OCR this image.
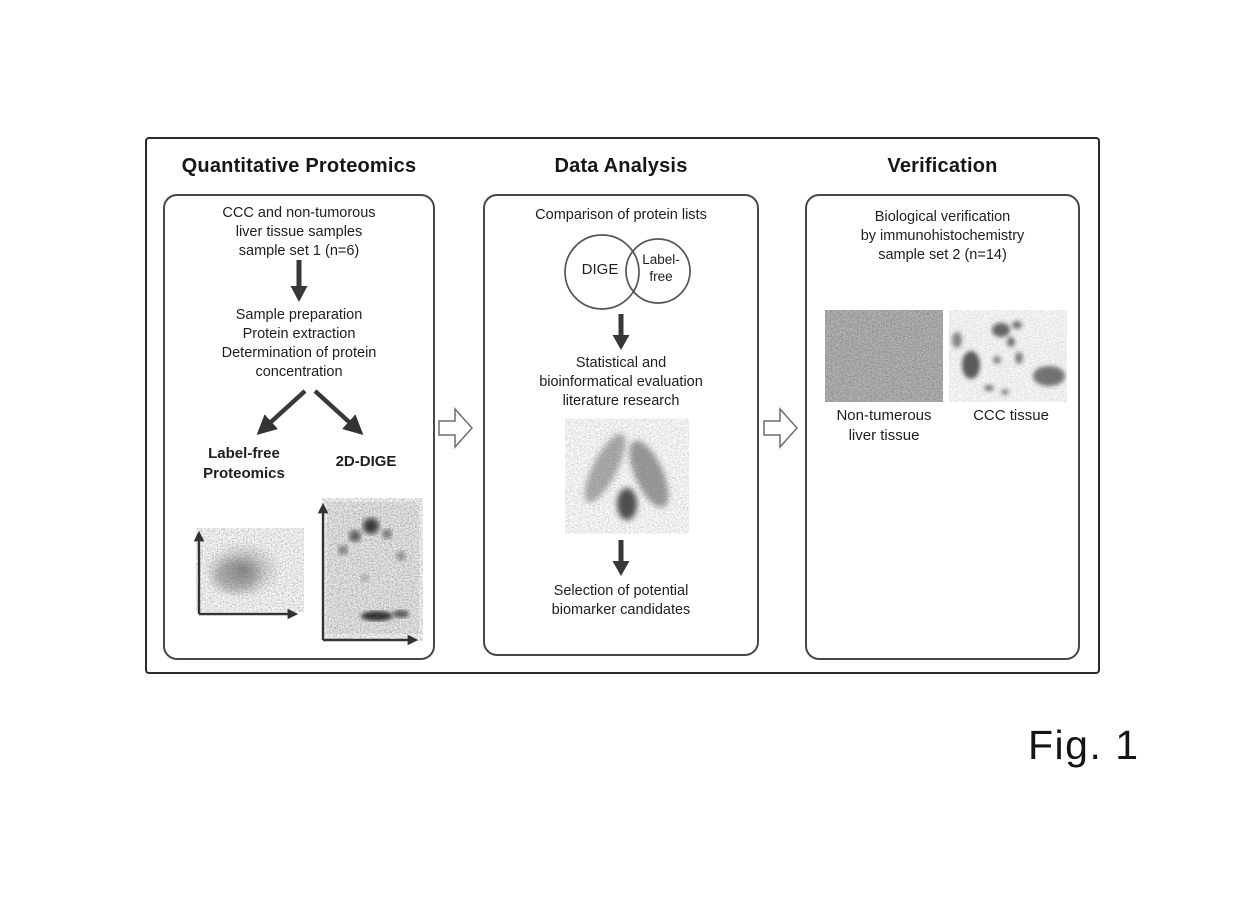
Quantitative Proteomics
CCC and non-tumorous
liver tissue samples
sample set 1 (n=6)
Sample preparation
Protein extraction
Determination of protein
concentration
Label-free
Proteomics
2D-DIGE
Data Analysis
Comparison of protein lists
DIGE
Label-
free
Statistical and
bioinformatical evaluation
literature research
Selection of potential
biomarker candidates
Verification
Biological verification
by immunohistochemistry
sample set 2 (n=14)
Non-tumerous
liver tissue
CCC tissue
Fig. 1
